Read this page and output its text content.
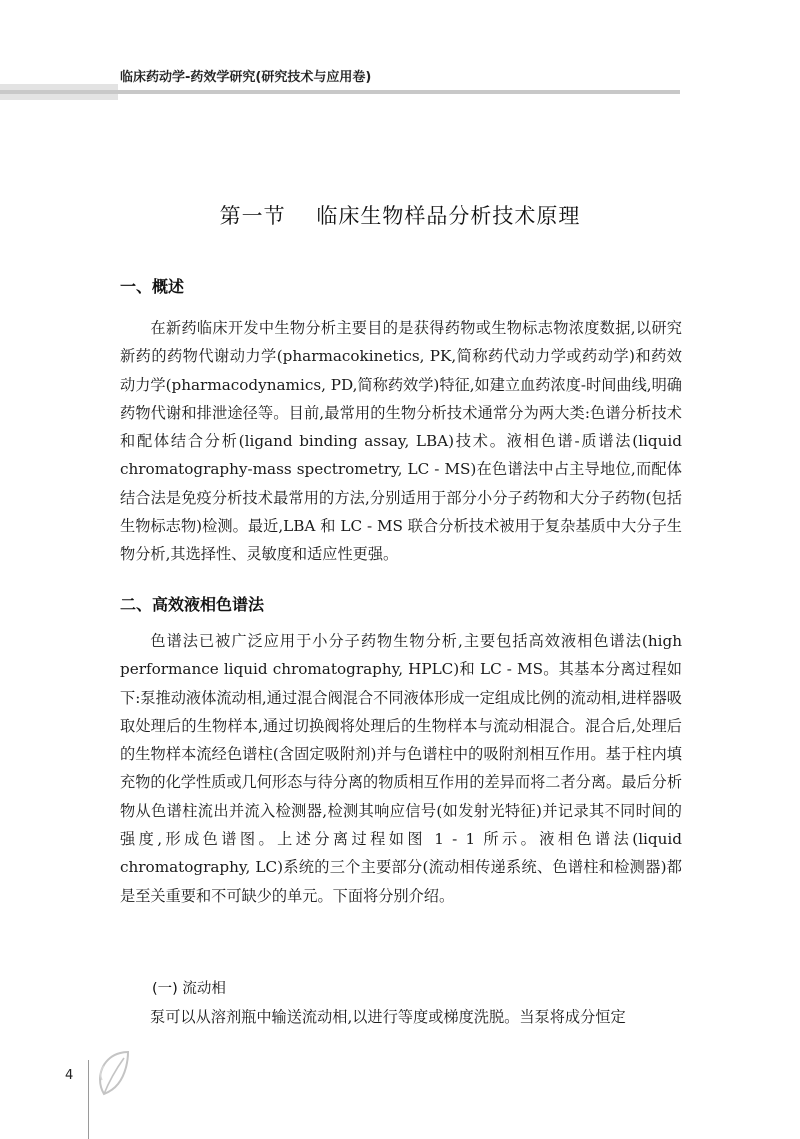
临床药动学-药效学研究(研究技术与应用卷)
第一节    临床生物样品分析技术原理
一、概述

在新药临床开发中生物分析主要目的是获得药物或生物标志物浓度数据,以研究新药的药物代谢动力学(pharmacokinetics, PK,简称药代动力学或药动学)和药效动力学(pharmacodynamics, PD,简称药效学)特征,如建立血药浓度-时间曲线,明确药物代谢和排泄途径等。目前,最常用的生物分析技术通常分为两大类:色谱分析技术和配体结合分析(ligand binding assay, LBA)技术。液相色谱-质谱法(liquid chromatography-mass spectrometry, LC - MS)在色谱法中占主导地位,而配体结合法是免疫分析技术最常用的方法,分别适用于部分小分子药物和大分子药物(包括生物标志物)检测。最近,LBA 和 LC - MS 联合分析技术被用于复杂基质中大分子生物分析,其选择性、灵敏度和适应性更强。

二、高效液相色谱法

色谱法已被广泛应用于小分子药物生物分析,主要包括高效液相色谱法(high performance liquid chromatography, HPLC)和 LC - MS。其基本分离过程如下:泵推动液体流动相,通过混合阀混合不同液体形成一定组成比例的流动相,进样器吸取处理后的生物样本,通过切换阀将处理后的生物样本与流动相混合。混合后,处理后的生物样本流经色谱柱(含固定吸附剂)并与色谱柱中的吸附剂相互作用。基于柱内填充物的化学性质或几何形态与待分离的物质相互作用的差异而将二者分离。最后分析物从色谱柱流出并流入检测器,检测其响应信号(如发射光特征)并记录其不同时间的强度,形成色谱图。上述分离过程如图 1 - 1 所示。液相色谱法(liquid chromatography, LC)系统的三个主要部分(流动相传递系统、色谱柱和检测器)都是至关重要和不可缺少的单元。下面将分别介绍。

(一) 流动相

泵可以从溶剂瓶中输送流动相,以进行等度或梯度洗脱。当泵将成分恒定

4
